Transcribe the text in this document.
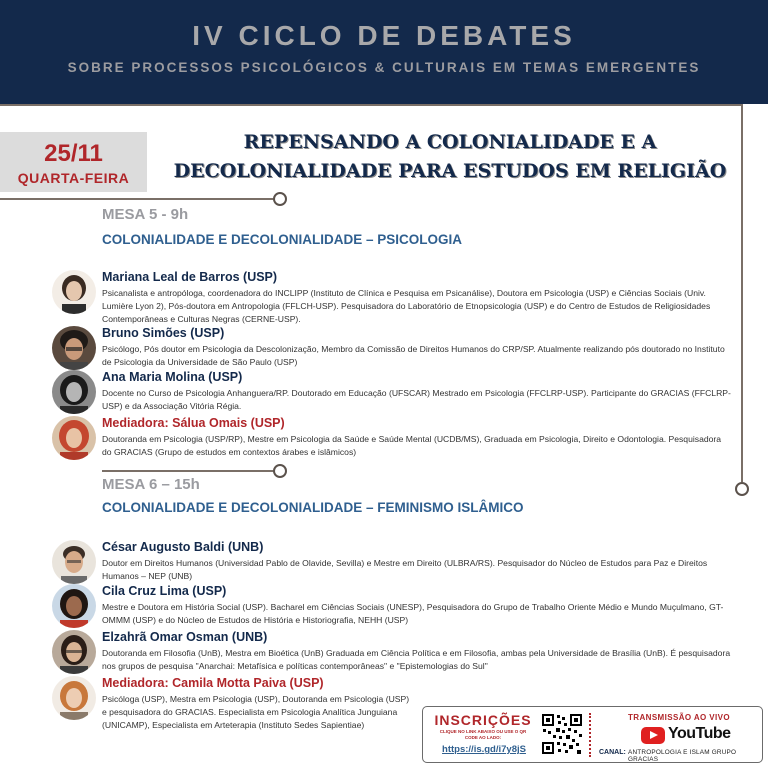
IV CICLO DE DEBATES
SOBRE PROCESSOS PSICOLÓGICOS & CULTURAIS EM TEMAS EMERGENTES
25/11
QUARTA-FEIRA
REPENSANDO A COLONIALIDADE E A
DECOLONIALIDADE PARA ESTUDOS EM RELIGIÃO
MESA 5 - 9h
COLONIALIDADE E DECOLONIALIDADE – PSICOLOGIA
Mariana Leal de Barros (USP)
Psicanalista e antropóloga, coordenadora do INCLIPP (Instituto de Clínica e Pesquisa em Psicanálise), Doutora em Psicologia (USP) e Ciências Sociais (Univ. Lumière Lyon 2), Pós-doutora em Antropologia (FFLCH-USP). Pesquisadora do Laboratório de Etnopsicologia (USP) e do Centro de Estudos de Religiosidades Contemporâneas e Culturas Negras (CERNE-USP).
Bruno Simões (USP)
Psicólogo, Pós doutor em Psicologia da Descolonização, Membro da Comissão de Direitos Humanos do CRP/SP. Atualmente realizando pós doutorado no Instituto de Psicologia da Universidade de São Paulo (USP)
Ana Maria Molina (USP)
Docente no Curso de Psicologia Anhanguera/RP. Doutorado em Educação (UFSCAR) Mestrado em Psicologia (FFCLRP-USP). Participante do GRACIAS (FFCLRP-USP) e da Associação Vitória Régia.
Mediadora: Sálua Omais (USP)
Doutoranda em Psicologia (USP/RP), Mestre em Psicologia da Saúde e Saúde Mental (UCDB/MS), Graduada em Psicologia, Direito e Odontologia. Pesquisadora do GRACIAS (Grupo de estudos em contextos árabes e islâmicos)
MESA 6 – 15h
COLONIALIDADE E DECOLONIALIDADE – FEMINISMO ISLÂMICO
César Augusto Baldi (UNB)
Doutor em Direitos Humanos (Universidad Pablo de Olavide, Sevilla) e Mestre em Direito (ULBRA/RS). Pesquisador do Núcleo de Estudos para Paz e Direitos Humanos – NEP (UNB)
Cila Cruz Lima (USP)
Mestre e Doutora em História Social (USP). Bacharel em Ciências Sociais (UNESP), Pesquisadora do Grupo de Trabalho Oriente Médio e Mundo Muçulmano, GT-OMMM (USP) e do Núcleo de Estudos de História e Historiografia, NEHH (USP)
Elzahrã Omar Osman (UNB)
Doutoranda em Filosofia (UnB), Mestra em Bioética (UnB) Graduada em Ciência Política e em Filosofia, ambas pela Universidade de Brasília (UnB). É pesquisadora nos grupos de pesquisa "Anarchai: Metafísica e políticas contemporâneas" e "Epistemologias do Sul"
Mediadora: Camila Motta Paiva (USP)
Psicóloga (USP), Mestra em Psicologia (USP), Doutoranda em Psicologia (USP) e pesquisadora do GRACIAS. Especialista em Psicologia Analítica Junguiana (UNICAMP), Especialista em Arteterapia (Instituto Sedes Sapientiae)	INSCRIÇÕES
CLIQUE NO LINK ABAIXO OU USE O QR CODE AO LADO:
https://is.gd/i7y8jS
TRANSMISSÃO AO VIVO
YouTube
CANAL: ANTROPOLOGIA E ISLAM GRUPO GRACIAS
